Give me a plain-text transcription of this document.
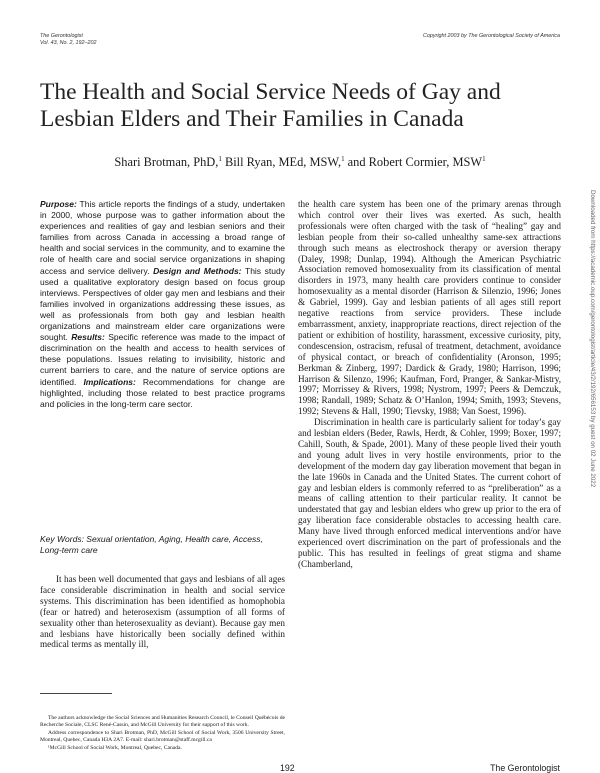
The Gerontologist
Vol. 43, No. 2, 192–202
Copyright 2003 by The Gerontological Society of America
The Health and Social Service Needs of Gay and Lesbian Elders and Their Families in Canada
Shari Brotman, PhD,$^1$ Bill Ryan, MEd, MSW,$^1$ and Robert Cormier, MSW$^1$
Purpose: This article reports the findings of a study, undertaken in 2000, whose purpose was to gather information about the experiences and realities of gay and lesbian seniors and their families from across Canada in accessing a broad range of health and social services in the community, and to examine the role of health care and social service organizations in shaping access and service delivery. Design and Methods: This study used a qualitative exploratory design based on focus group interviews. Perspectives of older gay men and lesbians and their families involved in organizations addressing these issues, as well as professionals from both gay and lesbian health organizations and mainstream elder care organizations were sought. Results: Specific reference was made to the impact of discrimination on the health and access to health services of these populations. Issues relating to invisibility, historic and current barriers to care, and the nature of service options are identified. Implications: Recommendations for change are highlighted, including those related to best practice programs and policies in the long-term care sector.
Key Words: Sexual orientation, Aging, Health care, Access, Long-term care

It has been well documented that gays and lesbians of all ages face considerable discrimination in health and social service systems. This discrimination has been identified as homophobia (fear or hatred) and heterosexism (assumption of all forms of sexuality other than heterosexuality as deviant). Because gay men and lesbians have historically been socially defined within medical terms as mentally ill,

The authors acknowledge the Social Sciences and Humanities Research Council, le Conseil Québécois de Recherche Sociale, CLSC René-Cassin, and McGill University for their support of this work.

Address correspondence to Shari Brotman, PhD, McGill School of Social Work, 3506 University Street, Montreal, Quebec, Canada H3A 2A7. E-mail: shari.brotman@staff.mcgill.ca

¹McGill School of Social Work, Montreal, Quebec, Canada.

the health care system has been one of the primary arenas through which control over their lives was exerted. As such, health professionals were often charged with the task of “healing” gay and lesbian people from their so-called unhealthy same-sex attractions through such means as electroshock therapy or aversion therapy (Daley, 1998; Dunlap, 1994). Although the American Psychiatric Association removed homosexuality from its classification of mental disorders in 1973, many health care providers continue to consider homosexuality as a mental disorder (Harrison & Silenzio, 1996; Jones & Gabriel, 1999). Gay and lesbian patients of all ages still report negative reactions from service providers. These include embarrassment, anxiety, inappropriate reactions, direct rejection of the patient or exhibition of hostility, harassment, excessive curiosity, pity, condescension, ostracism, refusal of treatment, detachment, avoidance of physical contact, or breach of confidentiality (Aronson, 1995; Berkman & Zinberg, 1997; Dardick & Grady, 1980; Harrison, 1996; Harrison & Silenzo, 1996; Kaufman, Ford, Pranger, & Sankar-Mistry, 1997; Morrissey & Rivers, 1998; Nystrom, 1997; Peers & Demczuk, 1998; Randall, 1989; Schatz & O’Hanlon, 1994; Smith, 1993; Stevens, 1992; Stevens & Hall, 1990; Tievsky, 1988; Van Soest, 1996).

Discrimination in health care is particularly salient for today’s gay and lesbian elders (Beder, Rawls, Herdt, & Cohler, 1999; Boxer, 1997; Cahill, South, & Spade, 2001). Many of these people lived their youth and young adult lives in very hostile environments, prior to the development of the modern day gay liberation movement that began in the late 1960s in Canada and the United States. The current cohort of gay and lesbian elders is commonly referred to as “preliberation” as a means of calling attention to their particular reality. It cannot be understated that gay and lesbian elders who grew up prior to the era of gay liberation face considerable obstacles to accessing health care. Many have lived through enforced medical interventions and/or have experienced overt discrimination on the part of professionals and the public. This has resulted in feelings of great stigma and shame (Chamberland,

Downloaded from https://academic.oup.com/gerontologist/article/43/2/192/656153 by guest on 02 June 2022
192	The Gerontologist
